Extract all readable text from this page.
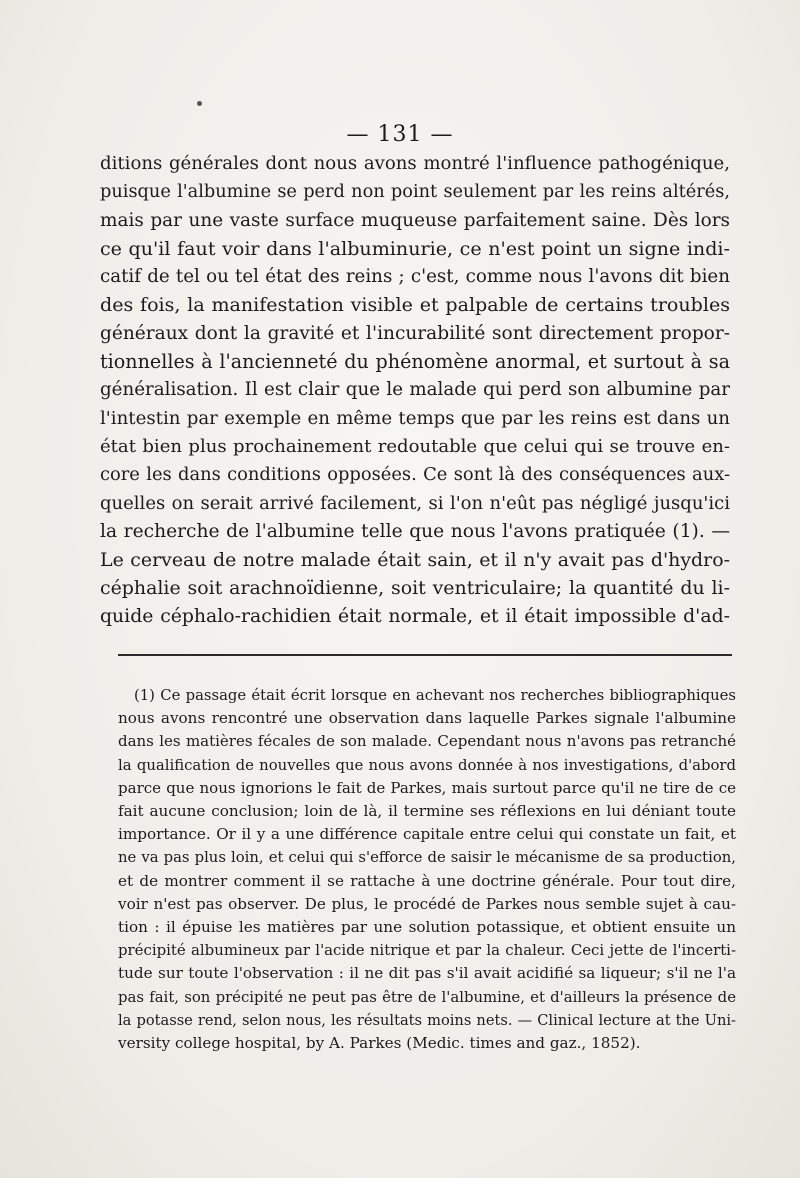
— 131 —
ditions générales dont nous avons montré l'influence pathogénique,
puisque l'albumine se perd non point seulement par les reins altérés,
mais par une vaste surface muqueuse parfaitement saine. Dès lors
ce qu'il faut voir dans l'albuminurie, ce n'est point un signe indi-
catif de tel ou tel état des reins ; c'est, comme nous l'avons dit bien
des fois, la manifestation visible et palpable de certains troubles
généraux dont la gravité et l'incurabilité sont directement propor-
tionnelles à l'ancienneté du phénomène anormal, et surtout à sa
généralisation. Il est clair que le malade qui perd son albumine par
l'intestin par exemple en même temps que par les reins est dans un
état bien plus prochainement redoutable que celui qui se trouve en-
core les dans conditions opposées. Ce sont là des conséquences aux-
quelles on serait arrivé facilement, si l'on n'eût pas négligé jusqu'ici
la recherche de l'albumine telle que nous l'avons pratiquée (1). —
Le cerveau de notre malade était sain, et il n'y avait pas d'hydro-
céphalie soit arachnoïdienne, soit ventriculaire; la quantité du li-
quide céphalo-rachidien était normale, et il était impossible d'ad-
(1) Ce passage était écrit lorsque en achevant nos recherches bibliographiques
nous avons rencontré une observation dans laquelle Parkes signale l'albumine
dans les matières fécales de son malade. Cependant nous n'avons pas retranché
la qualification de nouvelles que nous avons donnée à nos investigations, d'abord
parce que nous ignorions le fait de Parkes, mais surtout parce qu'il ne tire de ce
fait aucune conclusion; loin de là, il termine ses réflexions en lui déniant toute
importance. Or il y a une différence capitale entre celui qui constate un fait, et
ne va pas plus loin, et celui qui s'efforce de saisir le mécanisme de sa production,
et de montrer comment il se rattache à une doctrine générale. Pour tout dire,
voir n'est pas observer. De plus, le procédé de Parkes nous semble sujet à cau-
tion : il épuise les matières par une solution potassique, et obtient ensuite un
précipité albumineux par l'acide nitrique et par la chaleur. Ceci jette de l'incerti-
tude sur toute l'observation : il ne dit pas s'il avait acidifié sa liqueur; s'il ne l'a
pas fait, son précipité ne peut pas être de l'albumine, et d'ailleurs la présence de
la potasse rend, selon nous, les résultats moins nets. — Clinical lecture at the Uni-
versity college hospital, by A. Parkes (Medic. times and gaz., 1852).
